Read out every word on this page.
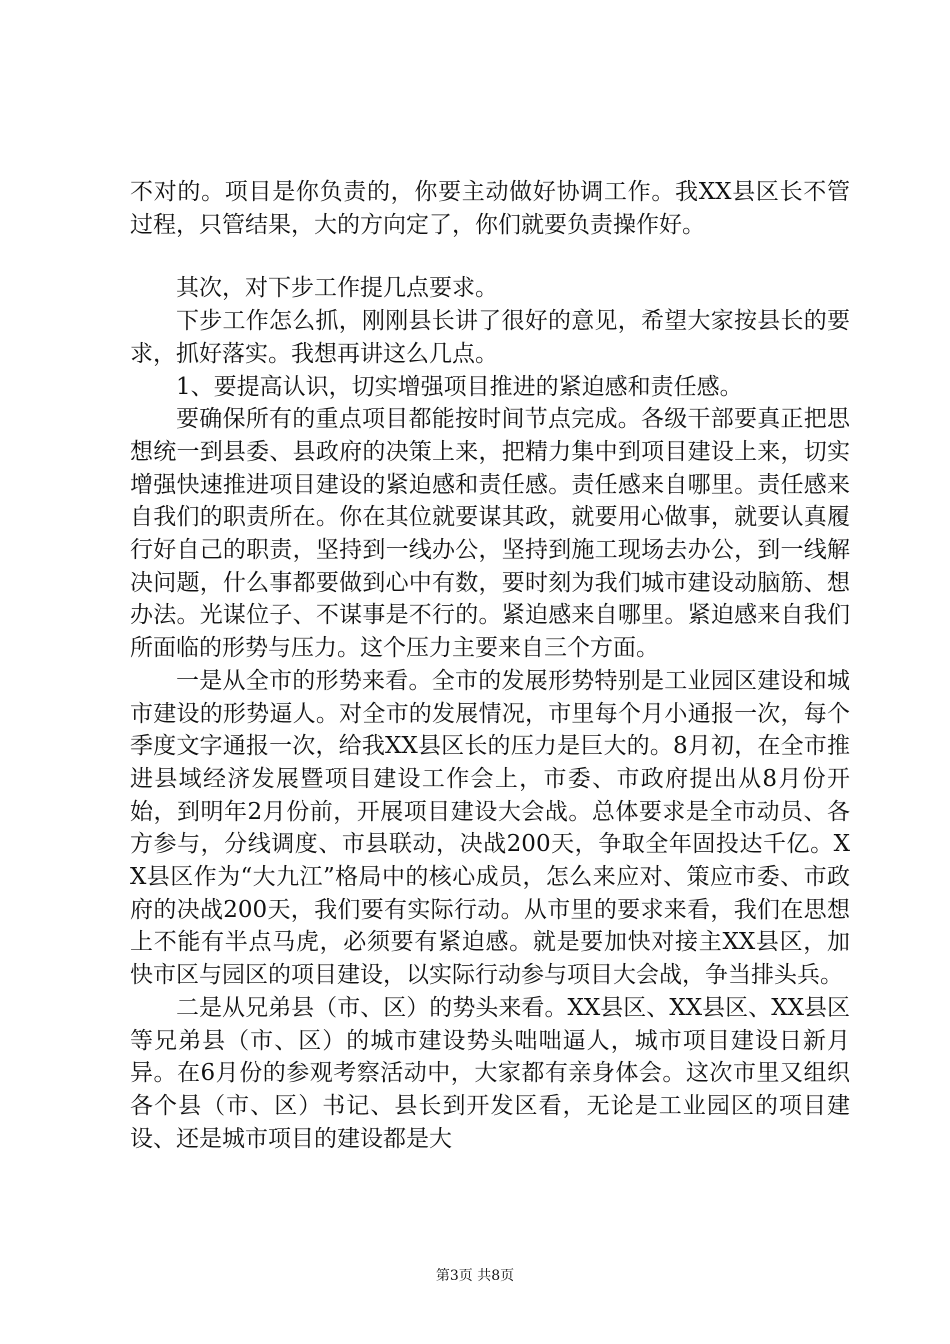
不对的。项目是你负责的，你要主动做好协调工作。我XX县区长不管过程，只管结果，大的方向定了，你们就要负责操作好。

其次，对下步工作提几点要求。

下步工作怎么抓，刚刚县长讲了很好的意见，希望大家按县长的要求，抓好落实。我想再讲这么几点。

1、要提高认识，切实增强项目推进的紧迫感和责任感。

要确保所有的重点项目都能按时间节点完成。各级干部要真正把思想统一到县委、县政府的决策上来，把精力集中到项目建设上来，切实增强快速推进项目建设的紧迫感和责任感。责任感来自哪里。责任感来自我们的职责所在。你在其位就要谋其政，就要用心做事，就要认真履行好自己的职责，坚持到一线办公，坚持到施工现场去办公，到一线解决问题，什么事都要做到心中有数，要时刻为我们城市建设动脑筋、想办法。光谋位子、不谋事是不行的。紧迫感来自哪里。紧迫感来自我们所面临的形势与压力。这个压力主要来自三个方面。

一是从全市的形势来看。全市的发展形势特别是工业园区建设和城市建设的形势逼人。对全市的发展情况，市里每个月小通报一次，每个季度文字通报一次，给我XX县区长的压力是巨大的。8月初，在全市推进县域经济发展暨项目建设工作会上，市委、市政府提出从8月份开始，到明年2月份前，开展项目建设大会战。总体要求是全市动员、各方参与，分线调度、市县联动，决战200天，争取全年固投达千亿。XX县区作为“大九江”格局中的核心成员，怎么来应对、策应市委、市政府的决战200天，我们要有实际行动。从市里的要求来看，我们在思想上不能有半点马虎，必须要有紧迫感。就是要加快对接主XX县区，加快市区与园区的项目建设，以实际行动参与项目大会战，争当排头兵。

二是从兄弟县（市、区）的势头来看。XX县区、XX县区、XX县区等兄弟县（市、区）的城市建设势头咄咄逼人，城市项目建设日新月异。在6月份的参观考察活动中，大家都有亲身体会。这次市里又组织各个县（市、区）书记、县长到开发区看，无论是工业园区的项目建设、还是城市项目的建设都是大

第3页 共8页
